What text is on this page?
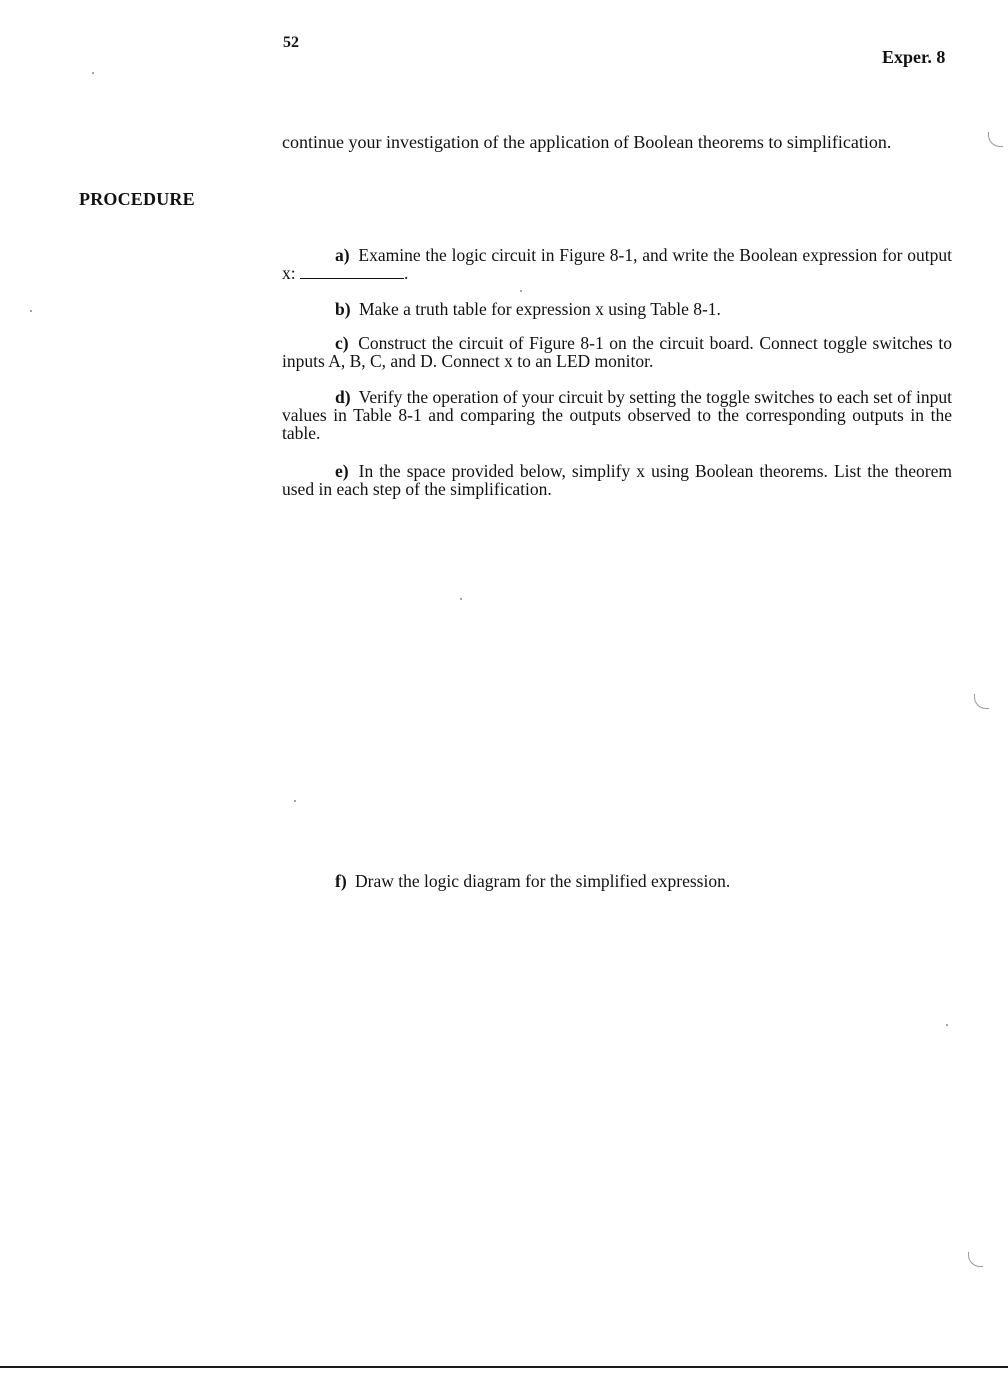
52
Exper. 8
continue your investigation of the application of Boolean theorems to simplification.
PROCEDURE
a) Examine the logic circuit in Figure 8-1, and write the Boolean expression for output x:	.
b) Make a truth table for expression x using Table 8-1.
c) Construct the circuit of Figure 8-1 on the circuit board. Connect toggle switches to inputs A, B, C, and D. Connect x to an LED monitor.
d) Verify the operation of your circuit by setting the toggle switches to each set of input values in Table 8-1 and comparing the outputs observed to the corresponding outputs in the table.
e) In the space provided below, simplify x using Boolean theorems. List the theorem used in each step of the simplification.
f) Draw the logic diagram for the simplified expression.
